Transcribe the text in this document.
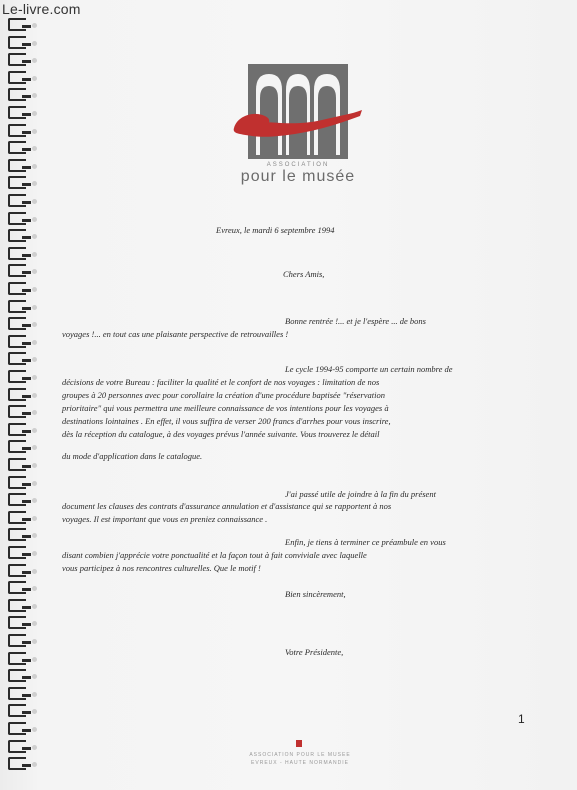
Le-livre.com
ASSOCIATION
pour le musée
Evreux, le mardi 6 septembre 1994
Chers Amis,
Bonne rentrée !... et je l'espère ... de bons
voyages !... en tout cas une plaisante perspective de retrouvailles !
Le cycle 1994-95 comporte un certain nombre de
décisions de votre Bureau : faciliter la qualité et le confort de nos voyages : limitation de nos
groupes à 20 personnes avec pour corollaire la création d'une procédure baptisée "réservation
prioritaire" qui vous permettra une meilleure connaissance de vos intentions pour les voyages à
destinations lointaines . En effet, il vous suffira de verser 200 francs d'arrhes pour vous inscrire,
dès la réception du catalogue, à des voyages prévus l'année suivante. Vous trouverez le détail
du mode d'application dans le catalogue.
J'ai passé utile de joindre à la fin du présent
document les clauses des contrats d'assurance annulation et d'assistance qui se rapportent à nos
voyages. Il est important que vous en preniez connaissance .
Enfin, je tiens à terminer ce préambule en vous
disant combien j'apprécie votre ponctualité et la façon tout à fait conviviale avec laquelle
vous participez à nos rencontres culturelles. Que le motif !
Bien sincèrement,
Votre Présidente,
1
ASSOCIATION POUR LE MUSEE
EVREUX - HAUTE NORMANDIE
